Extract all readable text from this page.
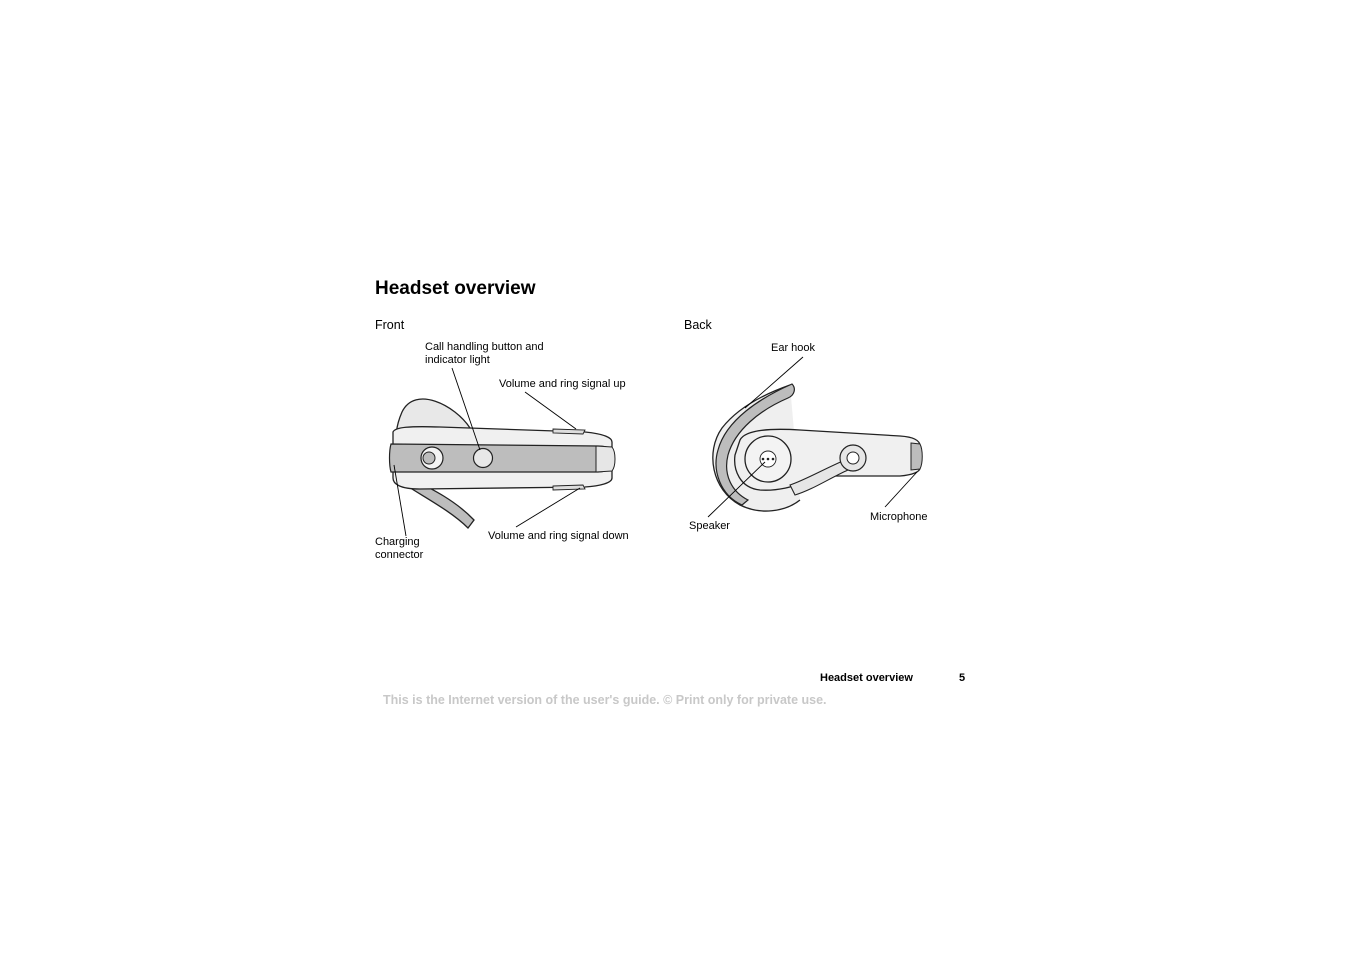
Headset overview
Front	Back
Call handling button and
indicator light
Volume and ring signal up
Volume and ring signal down
Charging
connector
Ear hook
Speaker
Microphone
Headset overview	5
This is the Internet version of the user's guide. © Print only for private use.
